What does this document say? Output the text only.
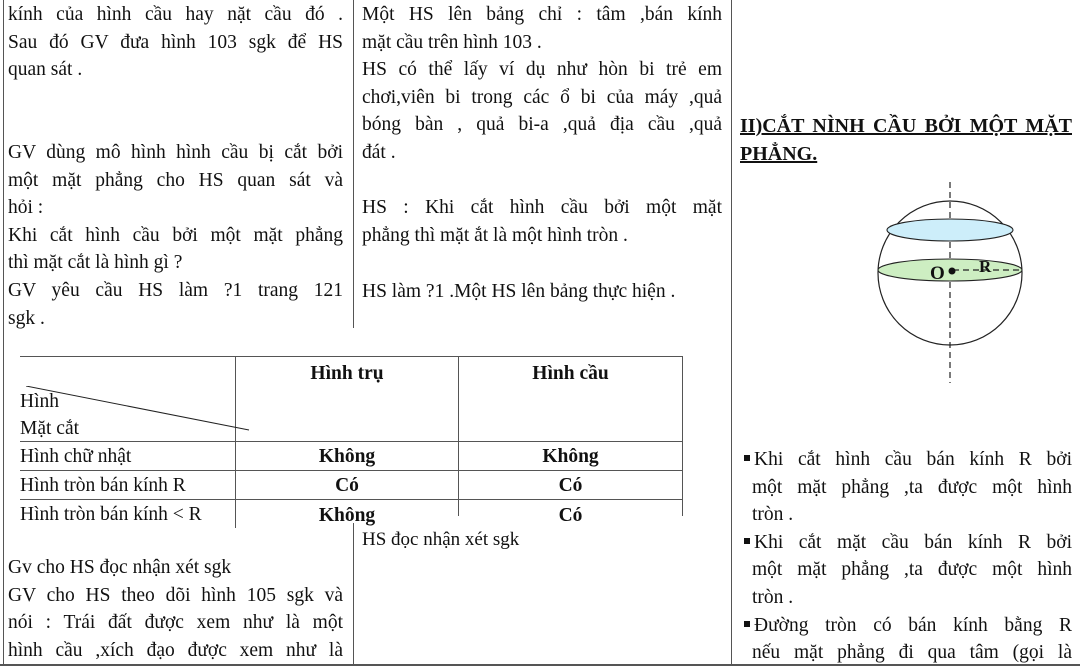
kính của hình cầu hay nặt cầu đó .
Sau đó GV đưa hình 103 sgk để HS
quan sát .
GV dùng mô hình hình cầu bị cắt bởi
một mặt phẳng cho HS quan sát và
hỏi :
Khi cắt hình cầu bởi một mặt phẳng
thì mặt cắt là hình gì ?
GV yêu cầu HS làm ?1 trang 121
sgk .
Gv cho HS đọc nhận xét sgk
GV cho HS theo dõi hình 105 sgk và
nói : Trái đất được xem như là một
hình cầu ,xích đạo được xem như là
Một HS lên bảng chỉ : tâm ,bán kính
mặt cầu trên hình 103 .
HS có thể lấy ví dụ như hòn bi trẻ em
chơi,viên bi trong các ổ bi của máy ,quả
bóng bàn , quả bi-a ,quả địa cầu ,quả
đát .
HS : Khi cắt hình cầu bởi một mặt
phẳng thì mặt ắt là một hình tròn .
HS làm ?1 .Một HS lên bảng thực hiện .
HS đọc nhận xét sgk
II)CẮT NÌNH CẦU BỞI MỘT MẶT
PHẲNG.
O R
Khi cắt hình cầu bán kính R bởi
một mặt phẳng ,ta được một hình
tròn .
Khi cắt mặt cầu bán kính R bởi
một mặt phẳng ,ta được một hình
tròn .
Đường tròn có bán kính bằng R
nếu mặt phẳng đi qua tâm (gọi là
Hình
Mặt cắt
Hình trụ	Hình cầu
Hình chữ nhật	Không	Không
Hình tròn bán kính R	Có	Có
Hình tròn bán kính < R	Không	Có
